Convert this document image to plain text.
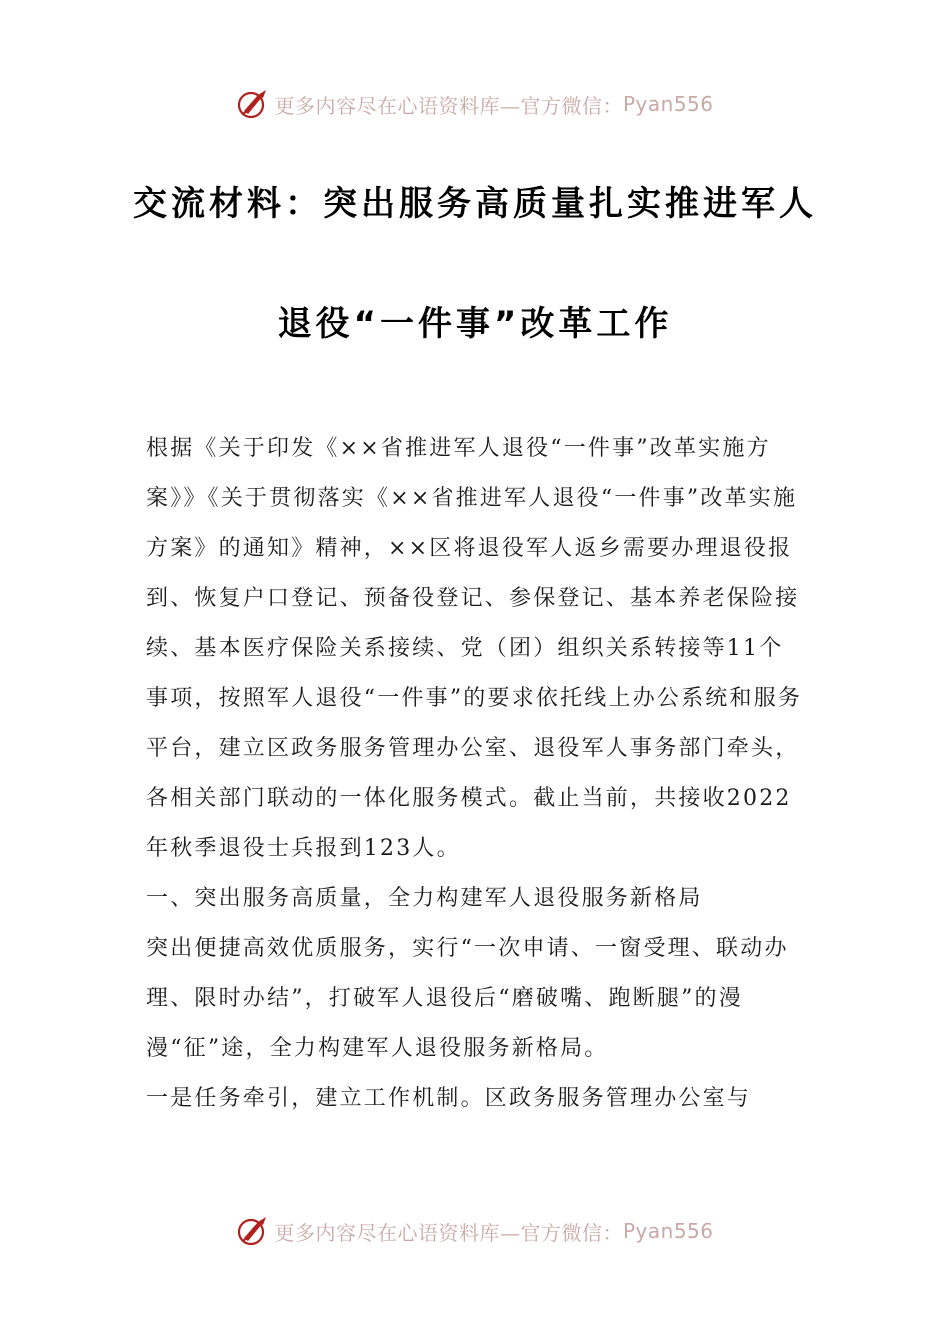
更多内容尽在心语资料库—官方微信： Pyan556
交流材料：突出服务高质量扎实推进军人
退役“一件事”改革工作

根据《关于印发《××省推进军人退役“一件事”改革实施方案》》《关于贯彻落实《××省推进军人退役“一件事”改革实施方案》的通知》精神，××区将退役军人返乡需要办理退役报到、恢复户口登记、预备役登记、参保登记、基本养老保险接续、基本医疗保险关系接续、党（团）组织关系转接等11个事项，按照军人退役“一件事”的要求依托线上办公系统和服务平台，建立区政务服务管理办公室、退役军人事务部门牵头，各相关部门联动的一体化服务模式。截止当前，共接收2022年秋季退役士兵报到123人。

一、突出服务高质量，全力构建军人退役服务新格局

突出便捷高效优质服务，实行“一次申请、一窗受理、联动办理、限时办结”，打破军人退役后“磨破嘴、跑断腿”的漫漫“征”途，全力构建军人退役服务新格局。

一是任务牵引，建立工作机制。区政务服务管理办公室与

更多内容尽在心语资料库—官方微信： Pyan556
